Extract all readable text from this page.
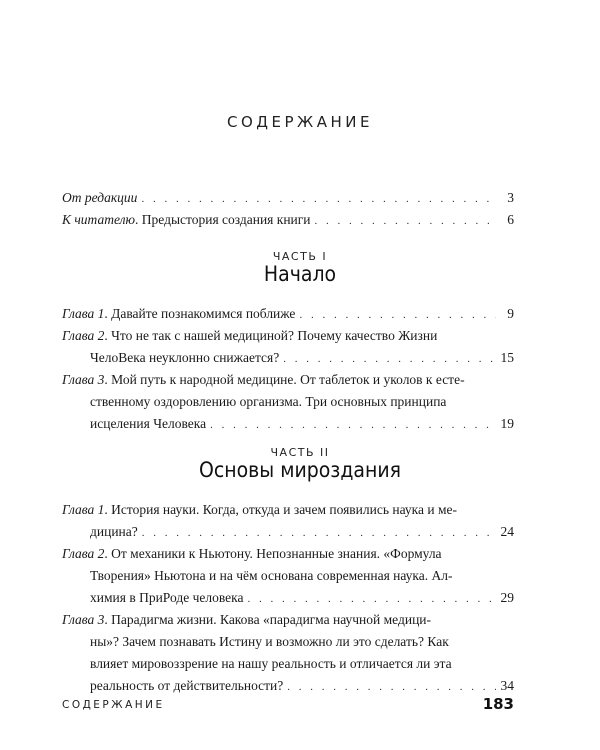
СОДЕРЖАНИЕ
От редакции . . .	3
К читателю. Предыстория создания книги . . .	6
ЧАСТЬ I
Начало
Глава 1. Давайте познакомимся поближе . . .	9
Глава 2. Что не так с нашей медициной? Почему качество Жизни
ЧелоВека неуклонно снижается? . . .	15
Глава 3. Мой путь к народной медицине. От таблеток и уколов к есте-
ственному оздоровлению организма. Три основных принципа
исцеления Человека . . .	19
ЧАСТЬ II
Основы мироздания
Глава 1. История науки. Когда, откуда и зачем появились наука и ме-
дицина? . . .	24
Глава 2. От механики к Ньютону. Непознанные знания. «Формула
Творения» Ньютона и на чём основана современная наука. Ал-
химия в ПриРоде человека . . .	29
Глава 3. Парадигма жизни. Какова «парадигма научной медици-
ны»? Зачем познавать Истину и возможно ли это сделать? Как
влияет мировоззрение на нашу реальность и отличается ли эта
реальность от действительности? . . .	34
СОДЕРЖАНИЕ	183
